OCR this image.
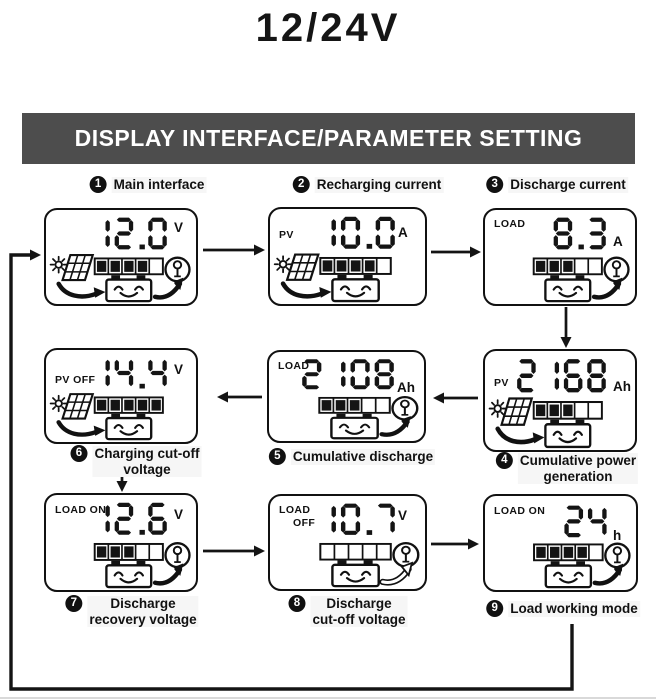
12/24V
DISPLAY INTERFACE/PARAMETER SETTING
1 Main interface
V
2 Recharging current
PV	A
3 Discharge current
LOAD
A
4 Cumulative power
generation
PV	Ah
5 Cumulative discharge
LOAD
Ah
6 Charging cut-off
voltage
PV OFF
V
7	Discharge
recovery voltage
LOAD ON	V
8	Discharge
cut-off voltage
LOAD
OFF	V
9 Load working mode
LOAD ON
h
